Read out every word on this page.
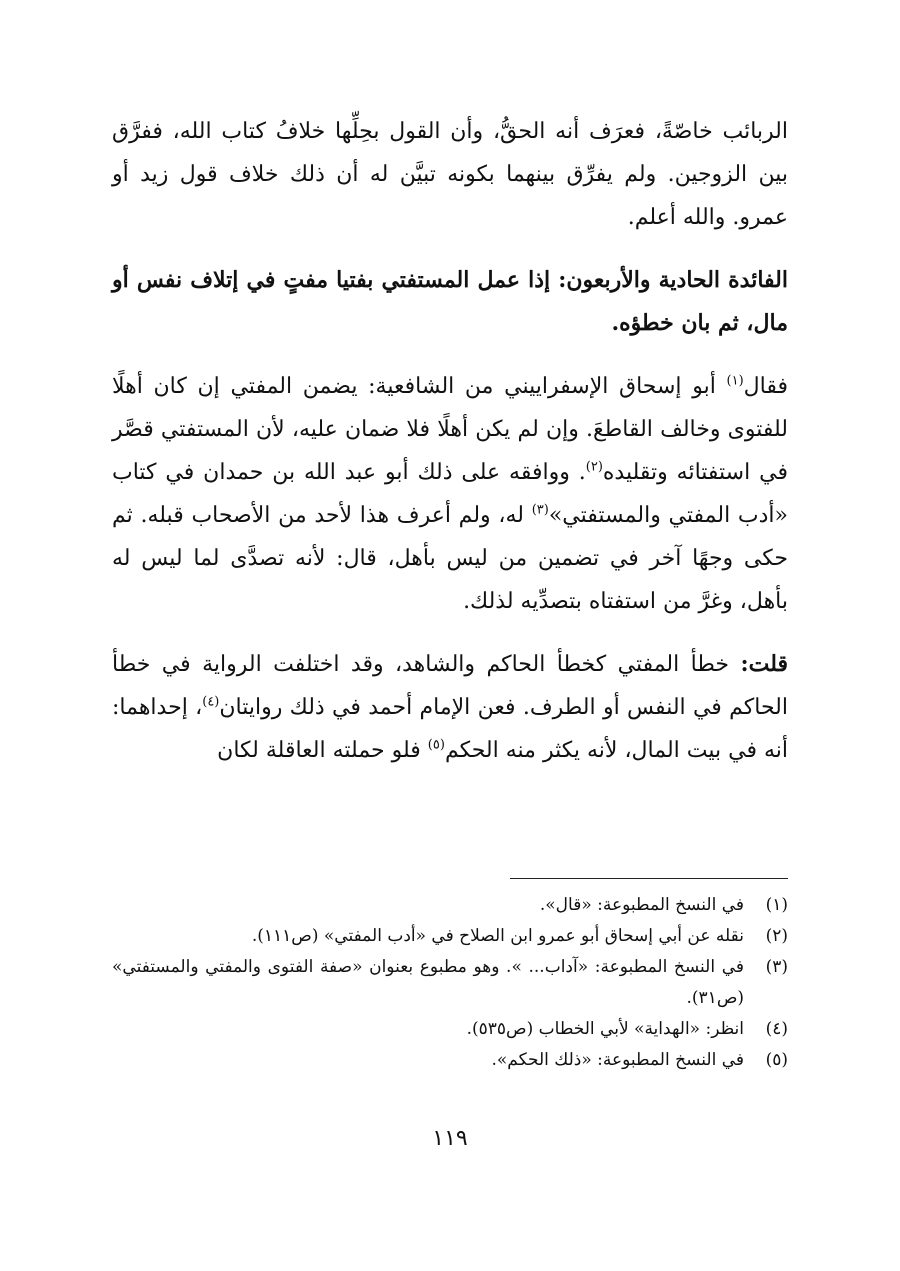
الربائب خاصّةً، فعرَف أنه الحقُّ، وأن القول بحِلِّها خلافُ كتاب الله، ففرَّق بين الزوجين. ولم يفرِّق بينهما بكونه تبيَّن له أن ذلك خلاف قول زيد أو عمرو. والله أعلم.

الفائدة الحادية والأربعون: إذا عمل المستفتي بفتيا مفتٍ في إتلاف نفس أو مال، ثم بان خطؤه.

فقال$^{(١)}$ أبو إسحاق الإسفراييني من الشافعية: يضمن المفتي إن كان أهلًا للفتوى وخالف القاطعَ. وإن لم يكن أهلًا فلا ضمان عليه، لأن المستفتي قصَّر في استفتائه وتقليده$^{(٢)}$. ووافقه على ذلك أبو عبد الله بن حمدان في كتاب «أدب المفتي والمستفتي»$^{(٣)}$ له، ولم أعرف هذا لأحد من الأصحاب قبله. ثم حكى وجهًا آخر في تضمين من ليس بأهل، قال: لأنه تصدَّى لما ليس له بأهل، وغرَّ من استفتاه بتصدِّيه لذلك.

قلت: خطأ المفتي كخطأ الحاكم والشاهد، وقد اختلفت الرواية في خطأ الحاكم في النفس أو الطرف. فعن الإمام أحمد في ذلك روايتان$^{(٤)}$، إحداهما: أنه في بيت المال، لأنه يكثر منه الحكم$^{(٥)}$ فلو حملته العاقلة لكان

(١)
في النسخ المطبوعة: «قال».
(٢)
نقله عن أبي إسحاق أبو عمرو ابن الصلاح في «أدب المفتي» (ص١١١).
(٣)
في النسخ المطبوعة: «آداب... ». وهو مطبوع بعنوان «صفة الفتوى والمفتي والمستفتي» (ص٣١).
(٤)
انظر: «الهداية» لأبي الخطاب (ص٥٣٥).
(٥)
في النسخ المطبوعة: «ذلك الحكم».
١١٩
